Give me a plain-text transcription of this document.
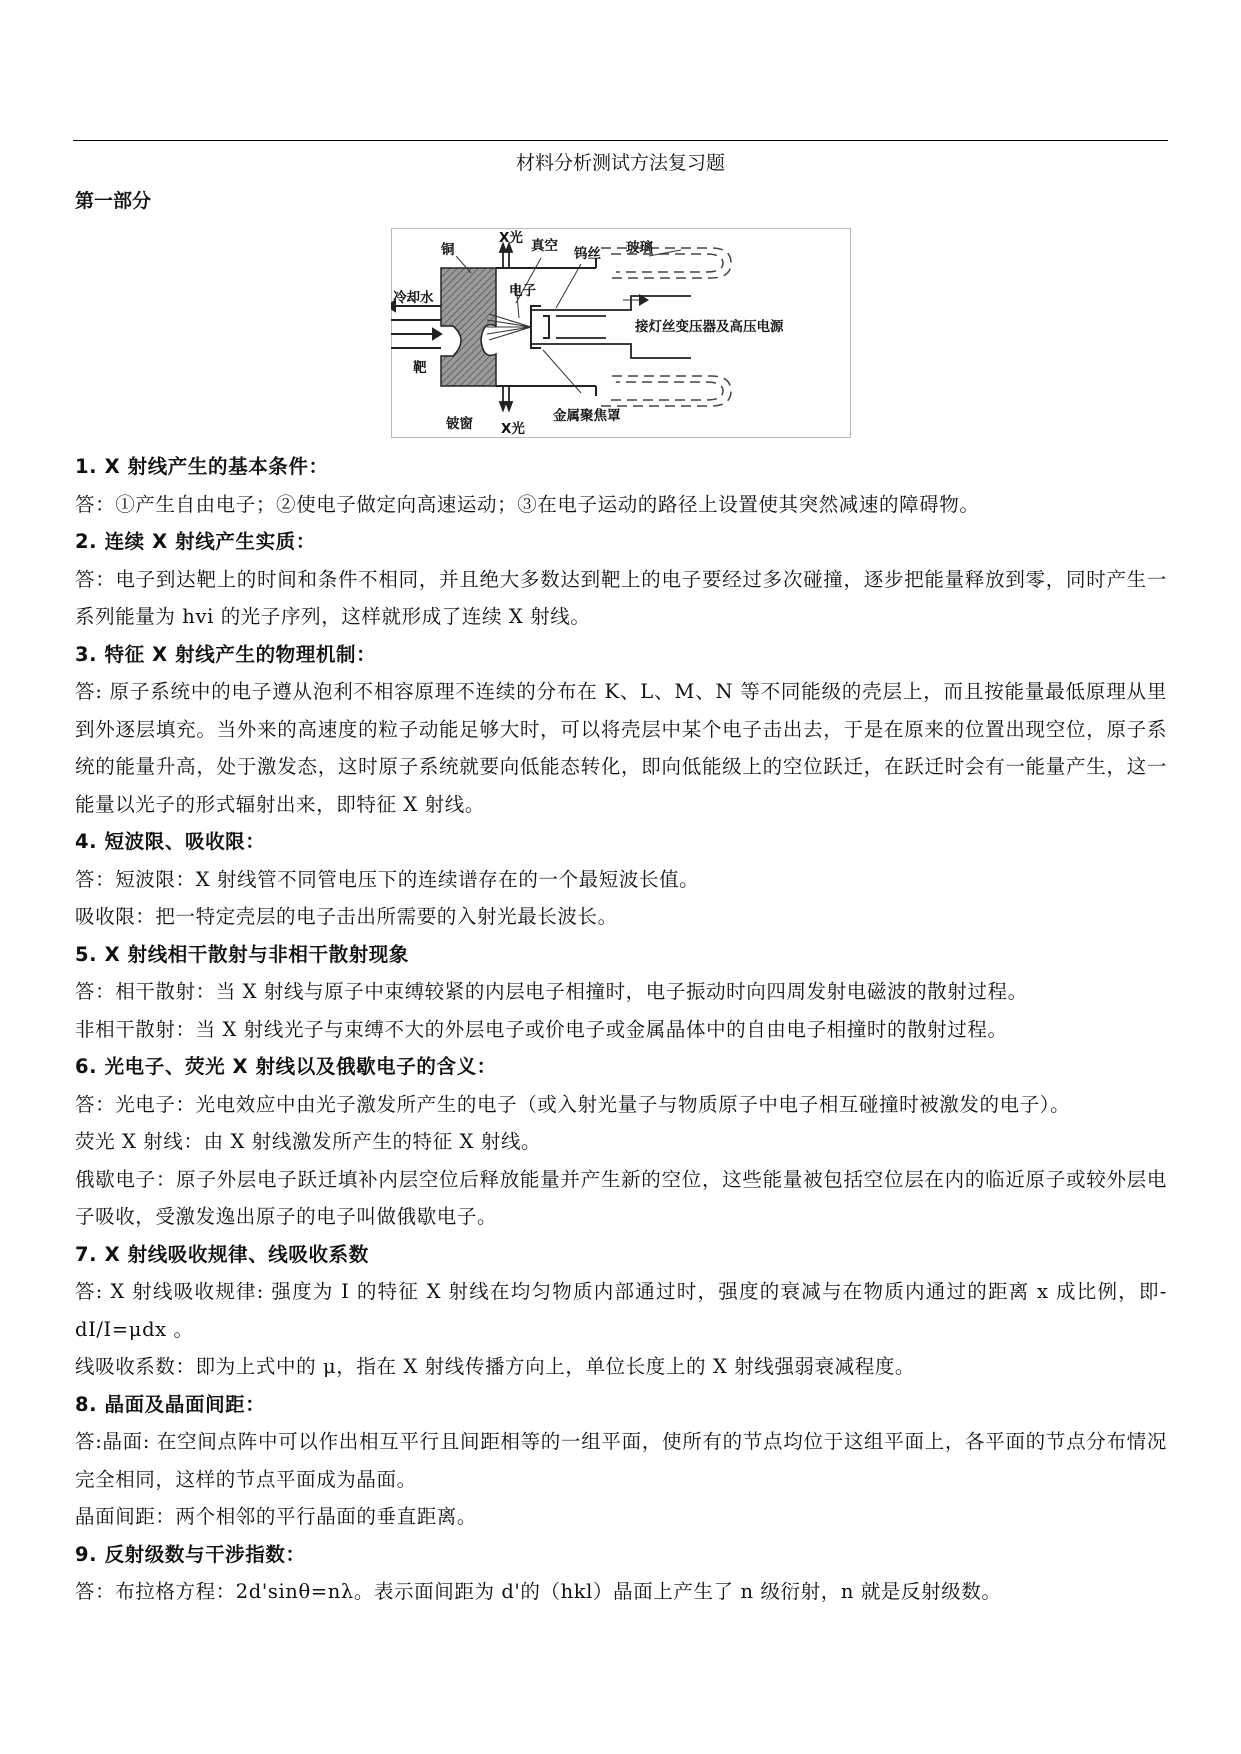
材料分析测试方法复习题
第一部分
铜
X光 真空 钨丝 玻璃
电子
冷却水
靶
接灯丝变压器及高压电源
铍窗 X光
金属聚焦罩

1. X 射线产生的基本条件：

答：①产生自由电子；②使电子做定向高速运动；③在电子运动的路径上设置使其突然减速的障碍物。

2. 连续 X 射线产生实质：

答：电子到达靶上的时间和条件不相同，并且绝大多数达到靶上的电子要经过多次碰撞，逐步把能量释放到零，同时产生一系列能量为 hvi 的光子序列，这样就形成了连续 X 射线。

3. 特征 X 射线产生的物理机制：

答: 原子系统中的电子遵从泡利不相容原理不连续的分布在 K、L、M、N 等不同能级的壳层上，而且按能量最低原理从里到外逐层填充。当外来的高速度的粒子动能足够大时，可以将壳层中某个电子击出去，于是在原来的位置出现空位，原子系统的能量升高，处于激发态，这时原子系统就要向低能态转化，即向低能级上的空位跃迁，在跃迁时会有一能量产生，这一能量以光子的形式辐射出来，即特征 X 射线。

4. 短波限、吸收限：

答：短波限：X 射线管不同管电压下的连续谱存在的一个最短波长值。

吸收限：把一特定壳层的电子击出所需要的入射光最长波长。

5. X 射线相干散射与非相干散射现象

答：相干散射：当 X 射线与原子中束缚较紧的内层电子相撞时，电子振动时向四周发射电磁波的散射过程。

非相干散射：当 X 射线光子与束缚不大的外层电子或价电子或金属晶体中的自由电子相撞时的散射过程。

6. 光电子、荧光 X 射线以及俄歇电子的含义：

答：光电子：光电效应中由光子激发所产生的电子（或入射光量子与物质原子中电子相互碰撞时被激发的电子）。

荧光 X 射线：由 X 射线激发所产生的特征 X 射线。

俄歇电子：原子外层电子跃迁填补内层空位后释放能量并产生新的空位，这些能量被包括空位层在内的临近原子或较外层电子吸收，受激发逸出原子的电子叫做俄歇电子。

7. X 射线吸收规律、线吸收系数

答: X 射线吸收规律: 强度为 I 的特征 X 射线在均匀物质内部通过时，强度的衰减与在物质内通过的距离 x 成比例，即-dI/I=μdx 。

线吸收系数：即为上式中的 μ，指在 X 射线传播方向上，单位长度上的 X 射线强弱衰减程度。

8. 晶面及晶面间距：

答:晶面: 在空间点阵中可以作出相互平行且间距相等的一组平面，使所有的节点均位于这组平面上，各平面的节点分布情况完全相同，这样的节点平面成为晶面。

晶面间距：两个相邻的平行晶面的垂直距离。

9. 反射级数与干涉指数：

答：布拉格方程：2d'sinθ=nλ。表示面间距为 d'的（hkl）晶面上产生了 n 级衍射，n 就是反射级数。
